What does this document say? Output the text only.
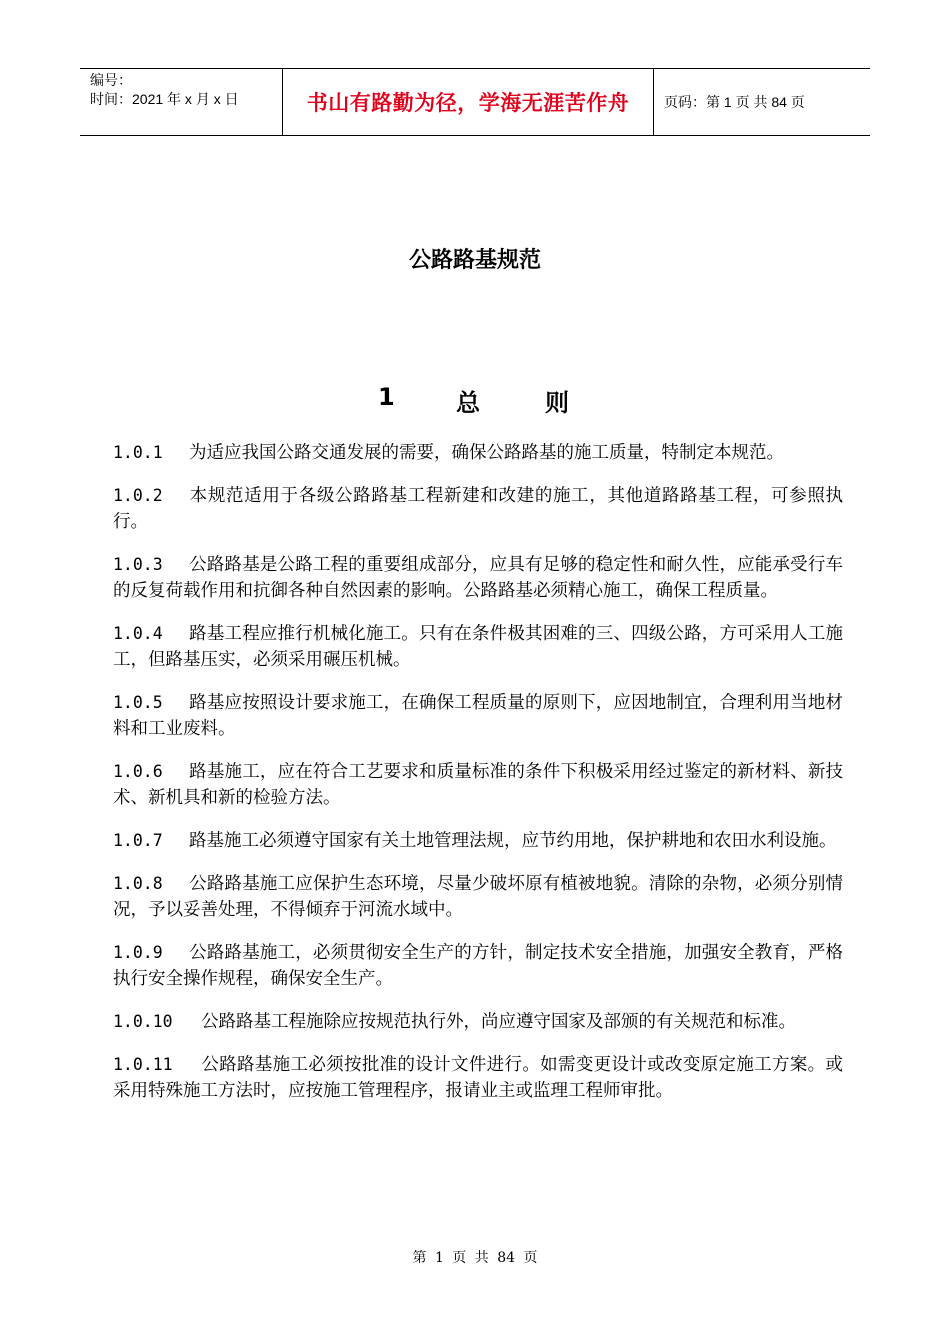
编号：
时间：2021 年 x 月 x 日	书山有路勤为径，学海无涯苦作舟	页码：第 1 页 共 84 页
公路路基规范
1	总	则

1.0.1 为适应我国公路交通发展的需要，确保公路路基的施工质量，特制定本规范。

1.0.2 本规范适用于各级公路路基工程新建和改建的施工，其他道路路基工程，可参照执行。

1.0.3 公路路基是公路工程的重要组成部分，应具有足够的稳定性和耐久性，应能承受行车的反复荷载作用和抗御各种自然因素的影响。公路路基必须精心施工，确保工程质量。

1.0.4 路基工程应推行机械化施工。只有在条件极其困难的三、四级公路，方可采用人工施工，但路基压实，必须采用碾压机械。

1.0.5 路基应按照设计要求施工，在确保工程质量的原则下，应因地制宜，合理利用当地材料和工业废料。

1.0.6 路基施工，应在符合工艺要求和质量标准的条件下积极采用经过鉴定的新材料、新技术、新机具和新的检验方法。

1.0.7 路基施工必须遵守国家有关土地管理法规，应节约用地，保护耕地和农田水利设施。

1.0.8 公路路基施工应保护生态环境，尽量少破坏原有植被地貌。清除的杂物，必须分别情况，予以妥善处理，不得倾弃于河流水域中。

1.0.9 公路路基施工，必须贯彻安全生产的方针，制定技术安全措施，加强安全教育，严格执行安全操作规程，确保安全生产。

1.0.10 公路路基工程施除应按规范执行外，尚应遵守国家及部颁的有关规范和标准。

1.0.11 公路路基施工必须按批准的设计文件进行。如需变更设计或改变原定施工方案。或采用特殊施工方法时，应按施工管理程序，报请业主或监理工程师审批。

第 1 页 共 84 页
